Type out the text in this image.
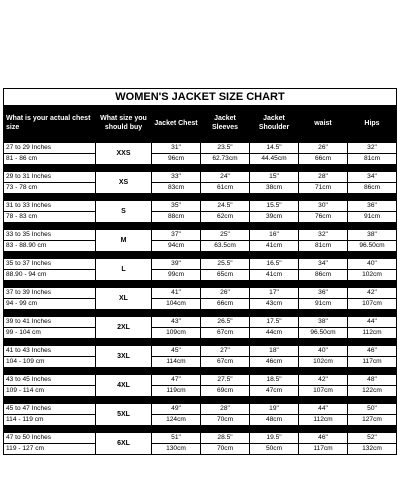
WOMEN'S JACKET SIZE CHART
What is your actual chest size	What size you should buy	Jacket Chest	Jacket Sleeves	Jacket Shoulder	waist	Hips
27 to 29 Inches	XXS	31"	23.5"	14.5"	26"	32"
81 - 86 cm		96cm	62.73cm	44.45cm	66cm	81cm

29 to 31 Inches	XS	33"	24"	15"	28"	34"
73 - 78 cm		83cm	61cm	38cm	71cm	86cm

31 to 33 Inches	S	35"	24.5"	15.5"	30"	36"
78 - 83 cm		88cm	62cm	39cm	76cm	91cm

33 to 35 Inches	M	37"	25"	16"	32"	38"
83 - 88.90 cm		94cm	63.5cm	41cm	81cm	96.50cm

35 to 37 Inches	L	39"	25.5"	16.5"	34"	40"
88.90 - 94 cm		99cm	65cm	41cm	86cm	102cm

37 to 39 Inches	XL	41"	26"	17"	36"	42"
94 - 99 cm		104cm	66cm	43cm	91cm	107cm

39 to 41 Inches	2XL	43"	26.5"	17.5"	38"	44"
99 - 104 cm		109cm	67cm	44cm	96.50cm	112cm

41 to 43 Inches	3XL	45"	27"	18"	40"	46"
104 - 109 cm		114cm	67cm	46cm	102cm	117cm

43 to 45 Inches	4XL	47"	27.5"	18.5"	42"	48"
109 - 114 cm		119cm	69cm	47cm	107cm	122cm

45 to 47 Inches	5XL	49"	28"	19"	44"	50"
114 - 119 cm		124cm	70cm	48cm	112cm	127cm

47 to 50 Inches	6XL	51"	28.5"	19.5"	46"	52"
119 - 127 cm		130cm	70cm	50cm	117cm	132cm
